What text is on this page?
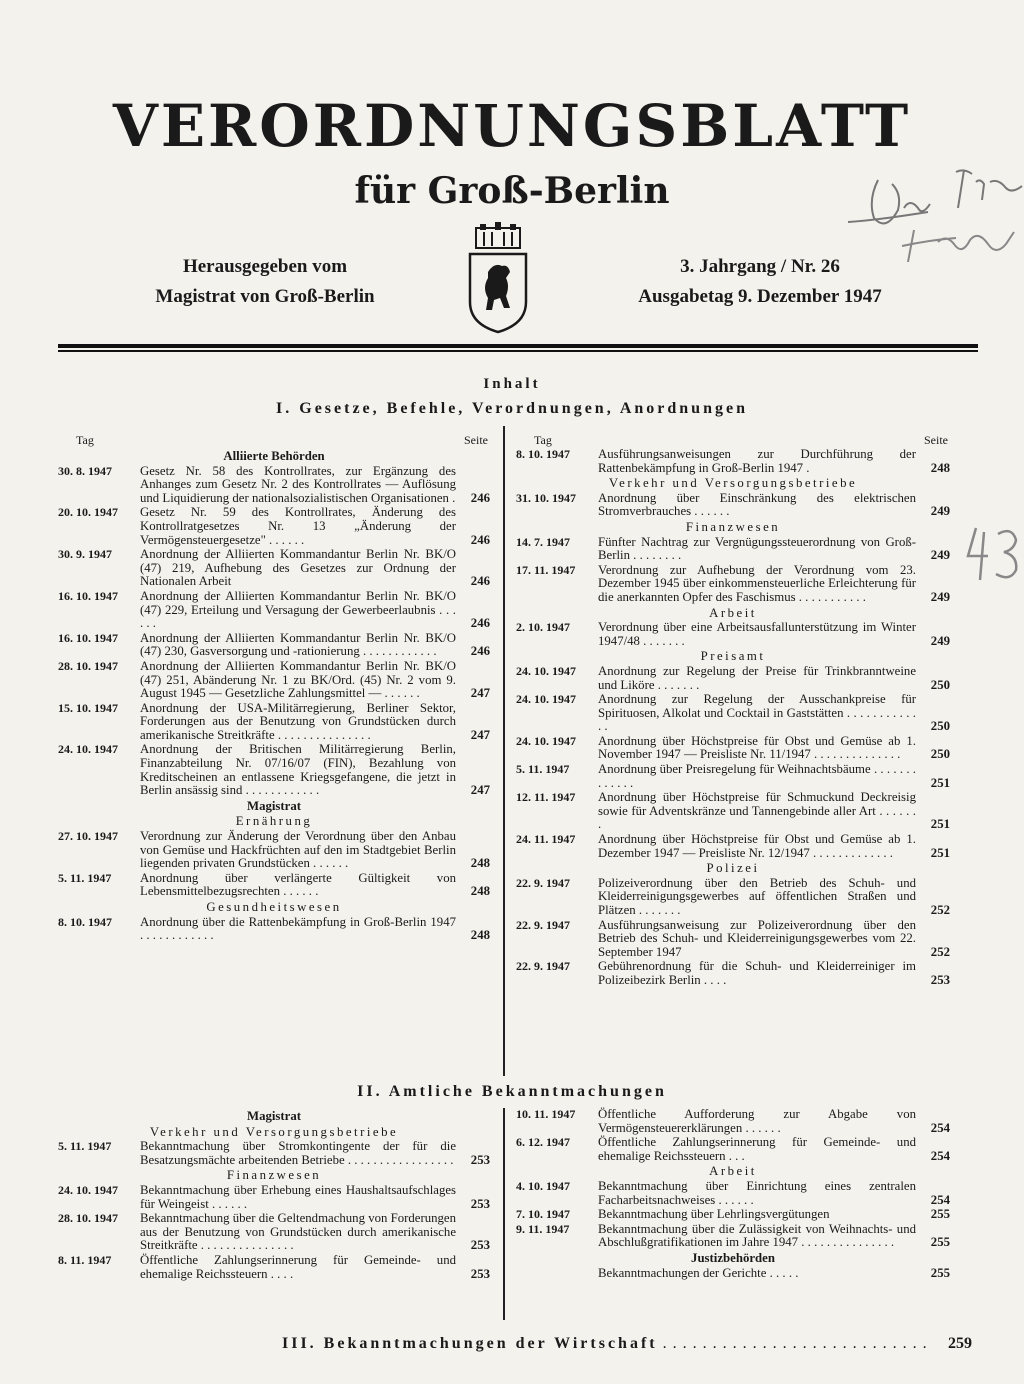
VERORDNUNGSBLATT
für Groß-Berlin
Herausgegeben vom
Magistrat von Groß-Berlin
3. Jahrgang / Nr. 26
Ausgabetag 9. Dezember 1947
Inhalt
I. Gesetze, Befehle, Verordnungen, Anordnungen
Tag	Seite
Alliierte Behörden
30. 8. 1947	Gesetz Nr. 58 des Kontrollrates, zur Ergänzung des Anhanges zum Gesetz Nr. 2 des Kontrollrates — Auflösung und Liquidierung der nationalsozialistischen Organisationen .	246
20. 10. 1947	Gesetz Nr. 59 des Kontrollrates, Änderung des Kontrollratgesetzes Nr. 13 „Änderung der Vermögensteuergesetze" . . . . . .	246
30. 9. 1947	Anordnung der Alliierten Kommandantur Berlin Nr. BK/O (47) 219, Aufhebung des Gesetzes zur Ordnung der Nationalen Arbeit	246
16. 10. 1947	Anordnung der Alliierten Kommandantur Berlin Nr. BK/O (47) 229, Erteilung und Versagung der Gewerbeerlaubnis . . . . . .	246
16. 10. 1947	Anordnung der Alliierten Kommandantur Berlin Nr. BK/O (47) 230, Gasversorgung und -rationierung . . . . . . . . . . . .	246
28. 10. 1947	Anordnung der Alliierten Kommandantur Berlin Nr. BK/O (47) 251, Abänderung Nr. 1 zu BK/Ord. (45) Nr. 2 vom 9. August 1945 — Gesetzliche Zahlungsmittel — . . . . . .	247
15. 10. 1947	Anordnung der USA-Militärregierung, Berliner Sektor, Forderungen aus der Benutzung von Grundstücken durch amerikanische Streitkräfte . . . . . . . . . . . . . . .	247
24. 10. 1947	Anordnung der Britischen Militärregierung Berlin, Finanzabteilung Nr. 07/16/07 (FIN), Bezahlung von Kreditscheinen an entlassene Kriegsgefangene, die jetzt in Berlin ansässig sind . . . . . . . . . . . .	247
Magistrat
Ernährung
27. 10. 1947	Verordnung zur Änderung der Verordnung über den Anbau von Gemüse und Hackfrüchten auf den im Stadtgebiet Berlin liegenden privaten Grundstücken . . . . . .	248
5. 11. 1947	Anordnung über verlängerte Gültigkeit von Lebensmittelbezugsrechten . . . . . .	248
Gesundheitswesen
8. 10. 1947	Anordnung über die Rattenbekämpfung in Groß-Berlin 1947 . . . . . . . . . . . .	248
Tag	Seite
8. 10. 1947	Ausführungsanweisungen zur Durchführung der Rattenbekämpfung in Groß-Berlin 1947 .	248
Verkehr und Versorgungsbetriebe
31. 10. 1947	Anordnung über Einschränkung des elektrischen Stromverbrauches . . . . . .	249
Finanzwesen
14. 7. 1947	Fünfter Nachtrag zur Vergnügungssteuerordnung von Groß-Berlin . . . . . . . .	249
17. 11. 1947	Verordnung zur Aufhebung der Verordnung vom 23. Dezember 1945 über einkommensteuerliche Erleichterung für die anerkannten Opfer des Faschismus . . . . . . . . . . .	249
Arbeit
2. 10. 1947	Verordnung über eine Arbeitsausfallunterstützung im Winter 1947/48 . . . . . . .	249
Preisamt
24. 10. 1947	Anordnung zur Regelung der Preise für Trinkbranntweine und Liköre . . . . . . .	250
24. 10. 1947	Anordnung zur Regelung der Ausschankpreise für Spirituosen, Alkolat und Cocktail in Gaststätten . . . . . . . . . . . . .	250
24. 10. 1947	Anordnung über Höchstpreise für Obst und Gemüse ab 1. November 1947 — Preisliste Nr. 11/1947 . . . . . . . . . . . . . .	250
5. 11. 1947	Anordnung über Preisregelung für Weihnachtsbäume . . . . . . . . . . . . .	251
12. 11. 1947	Anordnung über Höchstpreise für Schmuckund Deckreisig sowie für Adventskränze und Tannengebinde aller Art . . . . . . .	251
24. 11. 1947	Anordnung über Höchstpreise für Obst und Gemüse ab 1. Dezember 1947 — Preisliste Nr. 12/1947 . . . . . . . . . . . . .	251
Polizei
22. 9. 1947	Polizeiverordnung über den Betrieb des Schuh- und Kleiderreinigungsgewerbes auf öffentlichen Straßen und Plätzen . . . . . . .	252
22. 9. 1947	Ausführungsanweisung zur Polizeiverordnung über den Betrieb des Schuh- und Kleiderreinigungsgewerbes vom 22. September 1947	252
22. 9. 1947	Gebührenordnung für die Schuh- und Kleiderreiniger im Polizeibezirk Berlin . . . .	253
II. Amtliche Bekanntmachungen
Magistrat
Verkehr und Versorgungsbetriebe
5. 11. 1947	Bekanntmachung über Stromkontingente der für die Besatzungsmächte arbeitenden Betriebe . . . . . . . . . . . . . . . . .	253
Finanzwesen
24. 10. 1947	Bekanntmachung über Erhebung eines Haushaltsaufschlages für Weingeist . . . . . .	253
28. 10. 1947	Bekanntmachung über die Geltendmachung von Forderungen aus der Benutzung von Grundstücken durch amerikanische Streitkräfte . . . . . . . . . . . . . . .	253
8. 11. 1947	Öffentliche Zahlungserinnerung für Gemeinde- und ehemalige Reichssteuern . . . .	253
10. 11. 1947	Öffentliche Aufforderung zur Abgabe von Vermögensteuererklärungen . . . . . .	254
6. 12. 1947	Öffentliche Zahlungserinnerung für Gemeinde- und ehemalige Reichssteuern . . .	254
Arbeit
4. 10. 1947	Bekanntmachung über Einrichtung eines zentralen Facharbeitsnachweises . . . . . .	254
7. 10. 1947	Bekanntmachung über Lehrlingsvergütungen	255
9. 11. 1947	Bekanntmachung über die Zulässigkeit von Weihnachts- und Abschlußgratifikationen im Jahre 1947 . . . . . . . . . . . . . . .	255
Justizbehörden
Bekanntmachungen der Gerichte . . . . .	255
III. Bekanntmachungen der Wirtschaft . . . . . . . . . . . . . . . . . . . . . . . . . . . 259
